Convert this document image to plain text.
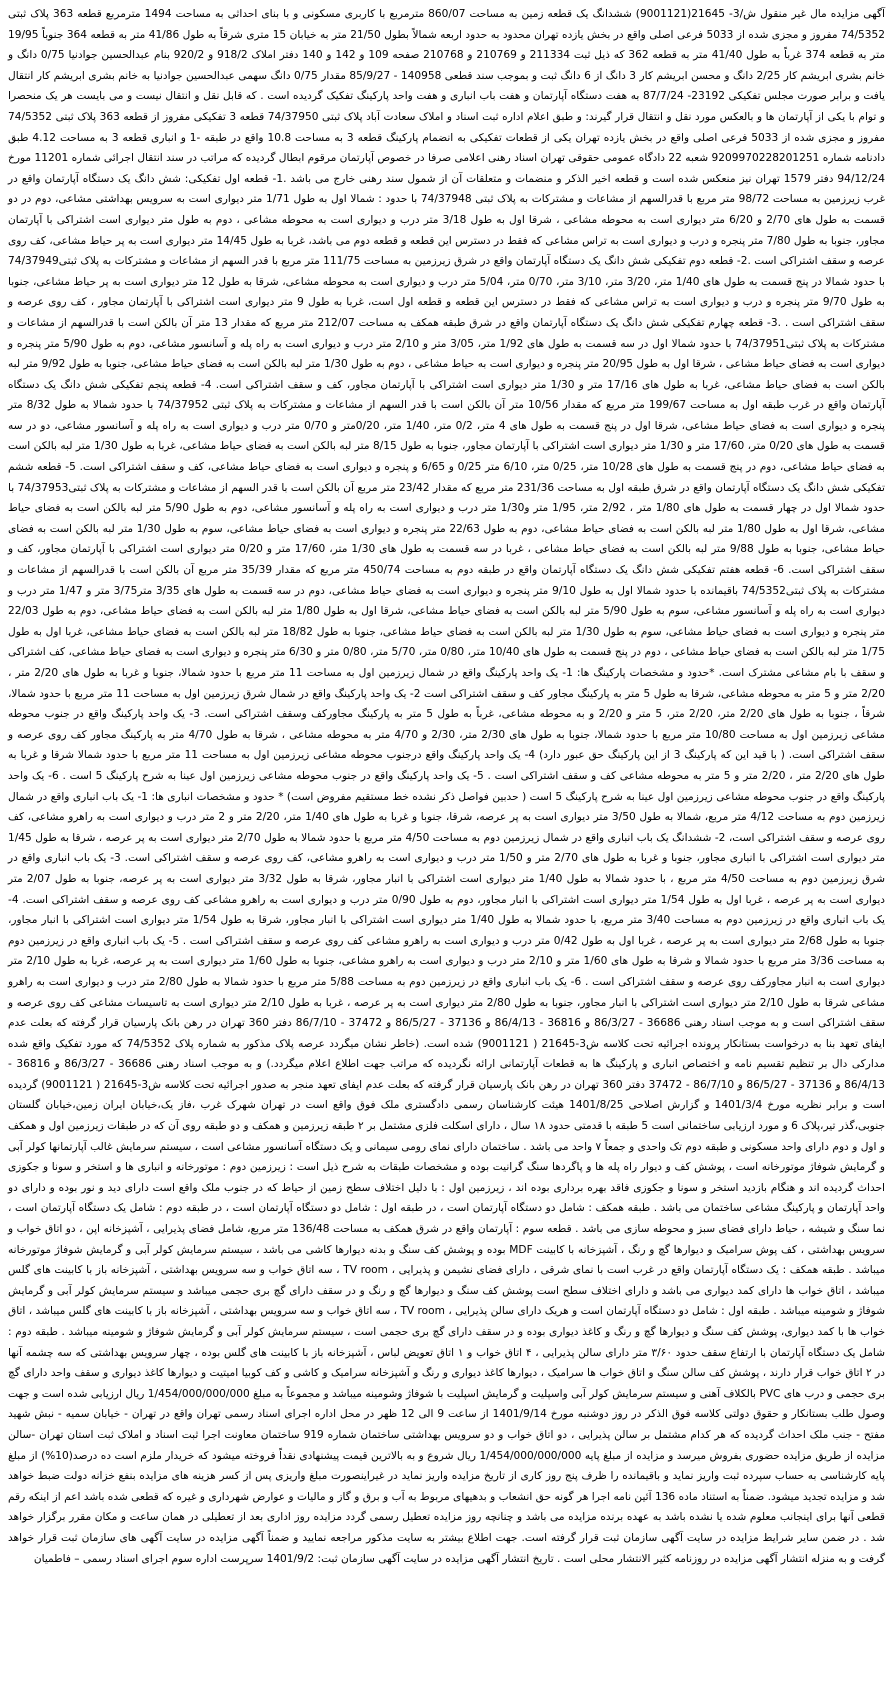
آگهی مزایده مال غیر منقول ش/3- 21645(9001121) ششدانگ یک قطعه زمین به مساحت 860/07 مترمربع با کاربری مسکونی و با بنای احداثی به مساحت 1494 مترمربع قطعه 363 پلاک ثبتی 74/5352 مفروز و مجزی شده از 5033 فرعی اصلی واقع در بخش یازده تهران محدود به حدود اربعه شمالاً بطول 21/50 متر به خیابان 15 متری شرقاً به طول 41/86 متر به قطعه 364 جنوباً 19/95 متر به قطعه 374 غرباً به طول 41/40 متر به قطعه 362 که ذیل ثبت 211334 و 210769 و 210768 صفحه 109 و 142 و 140 دفتر املاک 918/2 و 920/2 بنام عبدالحسین جوادنیا 0/75 دانگ و خانم بشری ابریشم کار 2/25 دانگ و محسن ابریشم کار 3 دانگ از 6 دانگ ثبت و بموجب سند قطعی 140958 - 85/9/27 مقدار 0/75 دانگ سهمی عبدالحسین جوادنیا به خانم بشری ابریشم کار انتقال یافت و برابر صورت مجلس تفکیکی 23192- 87/7/24 به هفت دستگاه آپارتمان و هفت باب انباری و هفت واحد پارکینگ تفکیک گردیده است . که قابل نقل و انتقال نیست و می بایست هر یک منحصرا و توام با یکی از آپارتمان ها و بالعکس مورد نقل و انتقال قرار گیرند: و طبق اعلام اداره ثبت اسناد و املاک سعادت آباد پلاک ثبتی 74/37950 قطعه 3 تفکیکی مفروز از قطعه 363 پلاک ثبتی 74/5352 مفروز و مجزی شده از 5033 فرعی اصلی واقع در بخش یازده تهران یکی از قطعات تفکیکی به انضمام پارکینگ قطعه 3 به مساحت 10.8 واقع در طبقه -1 و انباری قطعه 3 به مساحت 4.12 طبق دادنامه شماره 9209970228201251 شعبه 22 دادگاه عمومی حقوقی تهران اسناد رهنی اعلامی صرفا در خصوص آپارتمان مرقوم ابطال گردیده که مراتب در سند انتقال اجرائی شماره 11201 مورخ 94/12/24 دفتر 1579 تهران نیز منعکس شده است و قطعه اخیر الذکر و منضمات و متعلقات آن از شمول سند رهنی خارج می باشد .1- قطعه اول تفکیکی: شش دانگ یک دستگاه آپارتمان واقع در غرب زیرزمین به مساحت 98/72 متر مربع با قدرالسهم از مشاعات و مشترکات به پلاک ثبتی 74/37948 با حدود : شمالا اول به طول 1/71 متر دیواری است به سرویس بهداشتی مشاعی، دوم در دو قسمت به طول های 2/70 و 6/20 متر دیواری است به محوطه مشاعی ، شرقا اول به طول 3/18 متر درب و دیواری است به محوطه مشاعی ، دوم به طول متر دیواری است اشتراکی با آپارتمان مجاور، جنوبا به طول 7/80 متر پنجره و درب و دیواری است به تراس مشاعی که فقط در دسترس این قطعه و قطعه دوم می باشد، غربا به طول 14/45 متر دیواری است به پر حیاط مشاعی، کف روی عرصه و سقف اشتراکی است .2- قطعه دوم تفکیکی شش دانگ یک دستگاه آپارتمان واقع در شرق زیرزمین به مساحت 111/75 متر مربع با قدر السهم از مشاعات و مشترکات به پلاک ثبتی74/37949 با حدود شمالا در پنج قسمت به طول های 1/40 متر، 3/20 متر، 3/10 متر، 0/70 متر، 5/04 متر درب و دیواری است به محوطه مشاعی، شرقا به طول 12 متر دیواری است به پر حیاط مشاعی، جنوبا به طول 9/70 متر پنجره و درب و دیواری است به تراس مشاعی که فقط در دسترس این قطعه و قطعه اول است، غربا به طول 9 متر دیواری است اشتراکی با آپارتمان مجاور ، کف روی عرصه و سقف اشتراکی است . .3- قطعه چهارم تفکیکی شش دانگ یک دستگاه آپارتمان واقع در شرق طبقه همکف به مساحت 212/07 متر مربع که مقدار 13 متر آن بالکن است با قدرالسهم از مشاعات و مشترکات به پلاک ثبتی74/37951 با حدود شمالا اول در سه قسمت به طول های 1/92 متر، 3/05 متر و 2/10 متر درب و دیواری است به راه پله و آسانسور مشاعی، دوم به طول 5/90 متر پنجره و دیواری است به فضای حیاط مشاعی ، شرقا اول به طول 20/95 متر پنجره و دیواری است به حیاط مشاعی ، دوم به طول 1/30 متر لبه بالکن است به فضای حیاط مشاعی، جنوبا به طول 9/92 متر لبه بالکن است به فضای حیاط مشاعی، غربا به طول های 17/16 متر و 1/30 متر دیواری است اشتراکی با آپارتمان مجاور، کف و سقف اشتراکی است. 4- قطعه پنجم تفکیکی شش دانگ یک دستگاه آپارتمان واقع در غرب طبقه اول به مساحت 199/67 متر مربع که مقدار 10/56 متر آن بالکن است با قدر السهم از مشاعات و مشترکات به پلاک ثبتی 74/37952 با حدود شمالا به طول 8/32 متر پنجره و دیواری است به فضای حیاط مشاعی، شرقا اول در پنج قسمت به طول های 4 متر، 0/2 متر، 1/40 متر، 0/20متر و 0/70 متر درب و دیواری است به راه پله و آسانسور مشاعی، دو در سه قسمت به طول های 0/20 متر، 17/60 متر و 1/30 متر دیواری است اشتراکی با آپارتمان مجاور، جنوبا به طول 8/15 متر لبه بالکن است به فضای حیاط مشاعی، غربا به طول 1/30 متر لبه بالکن است به فضای حیاط مشاعی، دوم در پنج قسمت به طول های 10/28 متر، 0/25 متر، 6/10 متر 0/25 و 6/65 و پنجره و دیواری است به فضای حیاط مشاعی، کف و سقف اشتراکی است. 5- قطعه ششم تفکیکی شش دانگ یک دستگاه آپارتمان واقع در شرق طبقه اول به مساحت 231/36 متر مربع که مقدار 23/42 متر مربع آن بالکن است با قدر السهم از مشاعات و مشترکات به پلاک ثبتی74/37953 با حدود شمالا اول در چهار قسمت به طول های 1/80 متر ، 2/92 متر، 1/95 متر و1/30 متر درب و دیواری است به راه پله و آسانسور مشاعی، دوم به طول 5/90 متر لبه بالکن است به فضای حیاط مشاعی، شرقا اول به طول 1/80 متر لبه بالکن است به فضای حیاط مشاعی، دوم به طول 22/63 متر پنجره و دیواری است به فضای حیاط مشاعی، سوم به طول 1/30 متر لبه بالکن است به فضای حیاط مشاعی، جنوبا به طول 9/88 متر لبه بالکن است به فضای حیاط مشاعی ، غربا در سه قسمت به طول های 1/30 متر، 17/60 متر و 0/20 متر دیواری است اشتراکی با آپارتمان مجاور، کف و سقف اشتراکی است. 6- قطعه هفتم تفکیکی شش دانگ یک دستگاه آپارتمان واقع در طبقه دوم به مساحت 450/74 متر مربع که مقدار 35/39 متر مربع آن بالکن است با قدرالسهم از مشاعات و مشترکات به پلاک ثبتی74/5352 باقیمانده با حدود شمالا اول به طول 9/10 متر پنجره و دیواری است به فضای حیاط مشاعی، دوم در سه قسمت به طول های 3/35 متر3/75 متر و 1/47 متر درب و دیواری است به راه پله و آسانسور مشاعی، سوم به طول 5/90 متر لبه بالکن است به فضای حیاط مشاعی، شرقا اول به طول 1/80 متر لبه بالکن است به فضای حیاط مشاعی، دوم به طول 22/03 متر پنجره و دیواری است به فضای حیاط مشاعی، سوم به طول 1/30 متر لبه بالکن است به فضای حیاط مشاعی، جنوبا به طول 18/82 متر لبه بالکن است به فضای حیاط مشاعی، غربا اول به طول 1/75 متر لبه بالکن است به فضای حیاط مشاعی ، دوم در پنج قسمت به طول های 10/40 متر، 0/80 متر، 5/70 متر، 0/80 متر و 6/30 متر پنجره و دیواری است به فضای حیاط مشاعی، کف اشتراکی و سقف با بام مشاعی مشترک است. *حدود و مشخصات پارکینگ ها: 1- یک واحد پارکینگ واقع در شمال زیرزمین اول به مساحت 11 متر مربع با حدود شمالا، جنوبا و غربا به طول های 2/20 متر ، 2/20 متر و 5 متر به محوطه مشاعی، شرقا به طول 5 متر به پارکینگ مجاور کف و سقف اشتراکی است 2- یک واحد پارکینگ واقع در شمال شرق زیرزمین اول به مساحت 11 متر مربع با حدود شمالا، شرقاً ، جنوبا به طول های 2/20 متر، 2/20 متر، 5 متر و 2/20 و به محوطه مشاعی، غرباً به طول 5 متر به پارکینگ مجاورکف وسقف اشتراکی است. 3- یک واحد پارکینگ واقع در جنوب محوطه مشاعی زیرزمین اول به مساحت 10/80 متر مربع با حدود شمالا، جنوبا به طول های 2/30 متر، 2/30 و 4/70 متر به محوطه مشاعی ، شرقا به طول 4/70 متر به پارکینگ مجاور کف روی عرصه و سقف اشتراکی است. ( با قید این که پارکینگ 3 از این پارکینگ حق عبور دارد) 4- یک واحد پارکینگ واقع درجنوب محوطه مشاعی زیرزمین اول به مساحت 11 متر مربع با حدود شمالا شرقا و غربا به طول های 2/20 متر ، 2/20 متر و 5 متر به محوطه مشاعی کف و سقف اشتراکی است . 5- یک واحد پارکینگ واقع در جنوب محوطه مشاعی زیرزمین اول عینا به شرح پارکینگ 5 است . 6- یک واحد پارکینگ واقع در جنوب محوطه مشاعی زیرزمین اول عینا به شرح پارکینگ 5 است ( حدبین فواصل ذکر نشده خط مستقیم مفروض است) * حدود و مشخصات انباری ها: 1- یک باب انباری واقع در شمال زیرزمین دوم به مساحت 4/12 متر مربع، شمالا به طول 3/50 متر دیواری است به پر عرصه، شرقا، جنوبا و غربا به طول های 1/40 متر، 2/20 متر و 2 متر درب و دیواری است به راهرو مشاعی، کف روی عرصه و سقف اشتراکی است، 2- ششدانگ یک باب انباری واقع در شمال زیرزمین دوم به مساحت 4/50 متر مربع با حدود شمالا به طول 2/70 متر دیواری است به پر عرصه ، شرقا به طول 1/45 متر دیواری است اشتراکی با انباری مجاور، جنوبا و غربا به طول های 2/70 متر و 1/50 متر درب و دیواری است به راهرو مشاعی، کف روی عرصه و سقف اشتراکی است. 3- یک باب انباری واقع در شرق زیرزمین دوم به مساحت 4/50 متر مربع ، با حدود شمالا به طول 1/40 متر دیواری است اشتراکی با انبار مجاور، شرقا به طول 3/32 متر دیواری است به پر عرصه، جنوبا به طول 2/07 متر دیواری است به پر عرصه ، غربا اول به طول 1/54 متر دیواری است اشتراکی با انبار مجاور، دوم به طول 0/90 متر درب و دیواری است به راهرو مشاعی کف روی عرصه و سقف اشتراکی است. 4- یک باب انباری واقع در زیرزمین دوم به مساحت 3/40 متر مربع، با حدود شمالا به طول 1/40 متر دیواری است اشتراکی با انبار مجاور، شرقا به طول 1/54 متر دیواری است اشتراکی با انبار مجاور، جنوبا به طول 2/68 متر دیواری است به پر عرصه ، غربا اول به طول 0/42 متر درب و دیواری است به راهرو مشاعی کف روی عرصه و سقف اشتراکی است . 5- یک باب انباری واقع در زیرزمین دوم به مساحت 3/36 متر مربع با حدود شمالا و شرقا به طول های 1/60 متر و 2/10 متر درب و دیواری است به راهرو مشاعی، جنوبا به طول 1/60 متر دیواری است به پر عرصه، غربا به طول 2/10 متر دیواری است به انبار مجاورکف روی عرصه و سقف اشتراکی است . 6- یک باب انباری واقع در زیرزمین دوم به مساحت 5/88 متر مربع با حدود شمالا به طول 2/80 متر درب و دیواری است به راهرو مشاعی شرقا به طول 2/10 متر دیواری است اشتراکی با انبار مجاور، جنوبا به طول 2/80 متر دیواری است به پر عرصه ، غربا به طول 2/10 متر دیواری است به تاسیسات مشاعی کف روی عرصه و سقف اشتراکی است و به موجب اسناد رهنی 36686 - 86/3/27 و 36816 - 86/4/13 و 37136 - 86/5/27 و 37472 - 86/7/10 دفتر 360 تهران در رهن بانک پارسیان قرار گرفته که بعلت عدم ایفای تعهد بنا به درخواست بستانکار پرونده اجرائیه تحت کلاسه ش3-21645 ( 9001121) شده است. (خاطر نشان میگردد عرصه پلاک مذکور به شماره پلاک 74/5352 که مورد تفکیک واقع شده مدارکی دال بر تنظیم تقسیم نامه و اختصاص انباری و پارکینگ ها به قطعات آپارتمانی ارائه نگردیده که مراتب جهت اطلاع اعلام میگردد.) و به موجب اسناد رهنی 36686 - 86/3/27 و 36816 - 86/4/13 و 37136 - 86/5/27 و 86/7/10 - 37472 دفتر 360 تهران در رهن بانک پارسیان قرار گرفته که بعلت عدم ایفای تعهد منجر به صدور اجرائیه تحت کلاسه ش3-21645 ( 9001121) گردیده است و برابر نظریه مورخ 1401/3/4 و گزارش اصلاحی 1401/8/25 هیئت کارشناسان رسمی دادگستری ملک فوق واقع است در تهران شهرک غرب ،فاز یک،خیابان ایران زمین،خیابان گلستان جنوبی،گذر تیر،پلاک 6 و مورد ارزیابی ساختمانی است 5 طبقه با قدمتی حدود ۱۸ سال ، دارای اسکلت فلزی مشتمل بر ۲ طبقه زیرزمین و همکف و دو طبقه روی آن که در طبقات زیرزمین اول و همکف و اول و دوم دارای واحد مسکونی و طبقه دوم تک واحدی و جمعاً ۷ واحد می باشد . ساختمان دارای نمای رومی سیمانی و یک دستگاه آسانسور مشاعی است ، سیستم سرمایش غالب آپارتمانها کولر آبی و گرمایش شوفاژ موتورخانه است ، پوشش کف و دیوار راه پله ها و پاگردها سنگ گرانیت بوده و مشخصات طبقات به شرح ذیل است : زیرزمین دوم : موتورخانه و انباری ها و استخر و سونا و جکوزی احداث گردیده اند و هنگام بازدید استخر و سونا و جکوزی فاقد بهره برداری بوده اند ، زیرزمین اول : با دلیل اختلاف سطح زمین از حیاط که در جنوب ملک واقع است دارای دید و نور بوده و دارای دو واحد آپارتمان و پارکینگ مشاعی ساختمان می باشد . طبقه همکف : شامل دو دستگاه آپارتمان است ، در طبقه اول : شامل دو دستگاه آپارتمان است ، در طبقه دوم : شامل یک دستگاه آپارتمان است ، نما سنگ و شیشه ، حیاط دارای فضای سبز و محوطه سازی می باشد . قطعه سوم : آپارتمان واقع در شرق همکف به مساحت 136/48 متر مربع، شامل فضای پذیرایی ، آشپزخانه اپن ، دو اتاق خواب و سرویس بهداشتی ، کف پوش سرامیک و دیوارها گچ و رنگ ، آشپزخانه با کابینت MDF بوده و پوشش کف سنگ و بدنه دیوارها کاشی می باشد ، سیستم سرمایش کولر آبی و گرمایش شوفاژ موتورخانه میباشد . طبقه همکف : یک دستگاه آپارتمان واقع در غرب است با نمای شرقی ، دارای فضای نشیمن و پذیرایی ، TV room ، سه اتاق خواب و سه سرویس بهداشتی ، آشپزخانه باز با کابینت های گلس میباشد ، اتاق خواب ها دارای کمد دیواری می باشد و دارای اختلاف سطح است پوشش کف سنگ و دیوارها گچ و رنگ و در سقف دارای گچ بری حجمی میباشد و سیستم سرمایش کولر آبی و گرمایش شوفاژ و شومینه میباشد . طبقه اول : شامل دو دستگاه آپارتمان است و هریک دارای سالن پذیرایی ، TV room ، سه اتاق خواب و سه سرویس بهداشتی ، آشپزخانه باز با کابینت های گلس میباشد ، اتاق خواب ها با کمد دیواری، پوشش کف سنگ و دیوارها گچ و رنگ و کاغذ دیواری بوده و در سقف دارای گچ بری حجمی است ، سیستم سرمایش کولر آبی و گرمایش شوفاژ و شومینه میباشد . طبقه دوم : شامل یک دستگاه آپارتمان با ارتفاع سقف حدود ۳/۶۰ متر دارای سالن پذیرایی ، ۴ اتاق خواب و ۱ اتاق تعویض لباس ، آشپزخانه باز با کابینت های گلس بوده ، چهار سرویس بهداشتی که سه چشمه آنها در ۲ اتاق خواب قرار دارند ، پوشش کف سالن سنگ و اتاق خواب ها سرامیک ، دیوارها کاغذ دیواری و رنگ و آشپزخانه سرامیک و کاشی و کف کوبیا امیتیت و دیوارها کاغذ دیواری و سقف واحد دارای گچ بری حجمی و درب های PVC بالکلاف آهنی و سیستم سرمایش کولر آبی واسپلیت و گرمایش اسپلیت با شوفاژ وشومینه میباشد و مجموعاً به مبلغ 1/454/000/000/000 ریال ارزیابی شده است و جهت وصول طلب بستانکار و حقوق دولتی کلاسه فوق الذکر در روز دوشنبه مورخ 1401/9/14 از ساعت 9 الی 12 ظهر در محل اداره اجرای اسناد رسمی تهران واقع در تهران - خیابان سمیه - نبش شهید مفتح - جنب ملک احداث گردیده که هر کدام مشتمل بر سالن پذیرایی ، دو اتاق خواب و دو سرویس بهداشتی ساختمان شماره 919 ساختمان معاونت اجرا ثبت اسناد و املاک ثبت استان تهران -سالن مزایده از طریق مزایده حضوری بفروش میرسد و مزایده از مبلغ پایه 1/454/000/000/000 ریال شروع و به بالاترین قیمت پیشنهادی نقداً فروخته میشود که خریدار ملزم است ده درصد(10%) از مبلغ پایه کارشناسی به حساب سپرده ثبت واریز نماید و باقیمانده را ظرف پنج روز کاری از تاریخ مزایده واریز نماید در غیراینصورت مبلغ واریزی پس از کسر هزینه های مزایده بنفع خزانه دولت ضبط خواهد شد و مزایده تجدید میشود. ضمناً به استناد ماده 136 آئین نامه اجرا هر گونه حق انشعاب و بدهیهای مربوط به آب و برق و گاز و مالیات و عوارض شهرداری و غیره که قطعی شده باشد اعم از اینکه رقم قطعی آنها برای اینجانب معلوم شده یا نشده باشد به عهده برنده مزایده می باشد و چنانچه روز مزایده تعطیل رسمی گردد مزایده روز اداری بعد از تعطیلی در همان ساعت و مکان مقرر برگزار خواهد شد . در ضمن سایر شرایط مزایده در سایت آگهی سازمان ثبت قرار گرفته است. جهت اطلاع بیشتر به سایت مذکور مراجعه نمایید و ضمناً آگهی مزایده در سایت آگهی های سازمان ثبت قرار خواهد گرفت و به منزله انتشار آگهی مزایده در روزنامه کثیر الانتشار محلی است . تاریخ انتشار آگهی مزایده در سایت آگهی سازمان ثبت: 1401/9/2 سرپرست اداره سوم اجرای اسناد رسمی – فاطمیان
